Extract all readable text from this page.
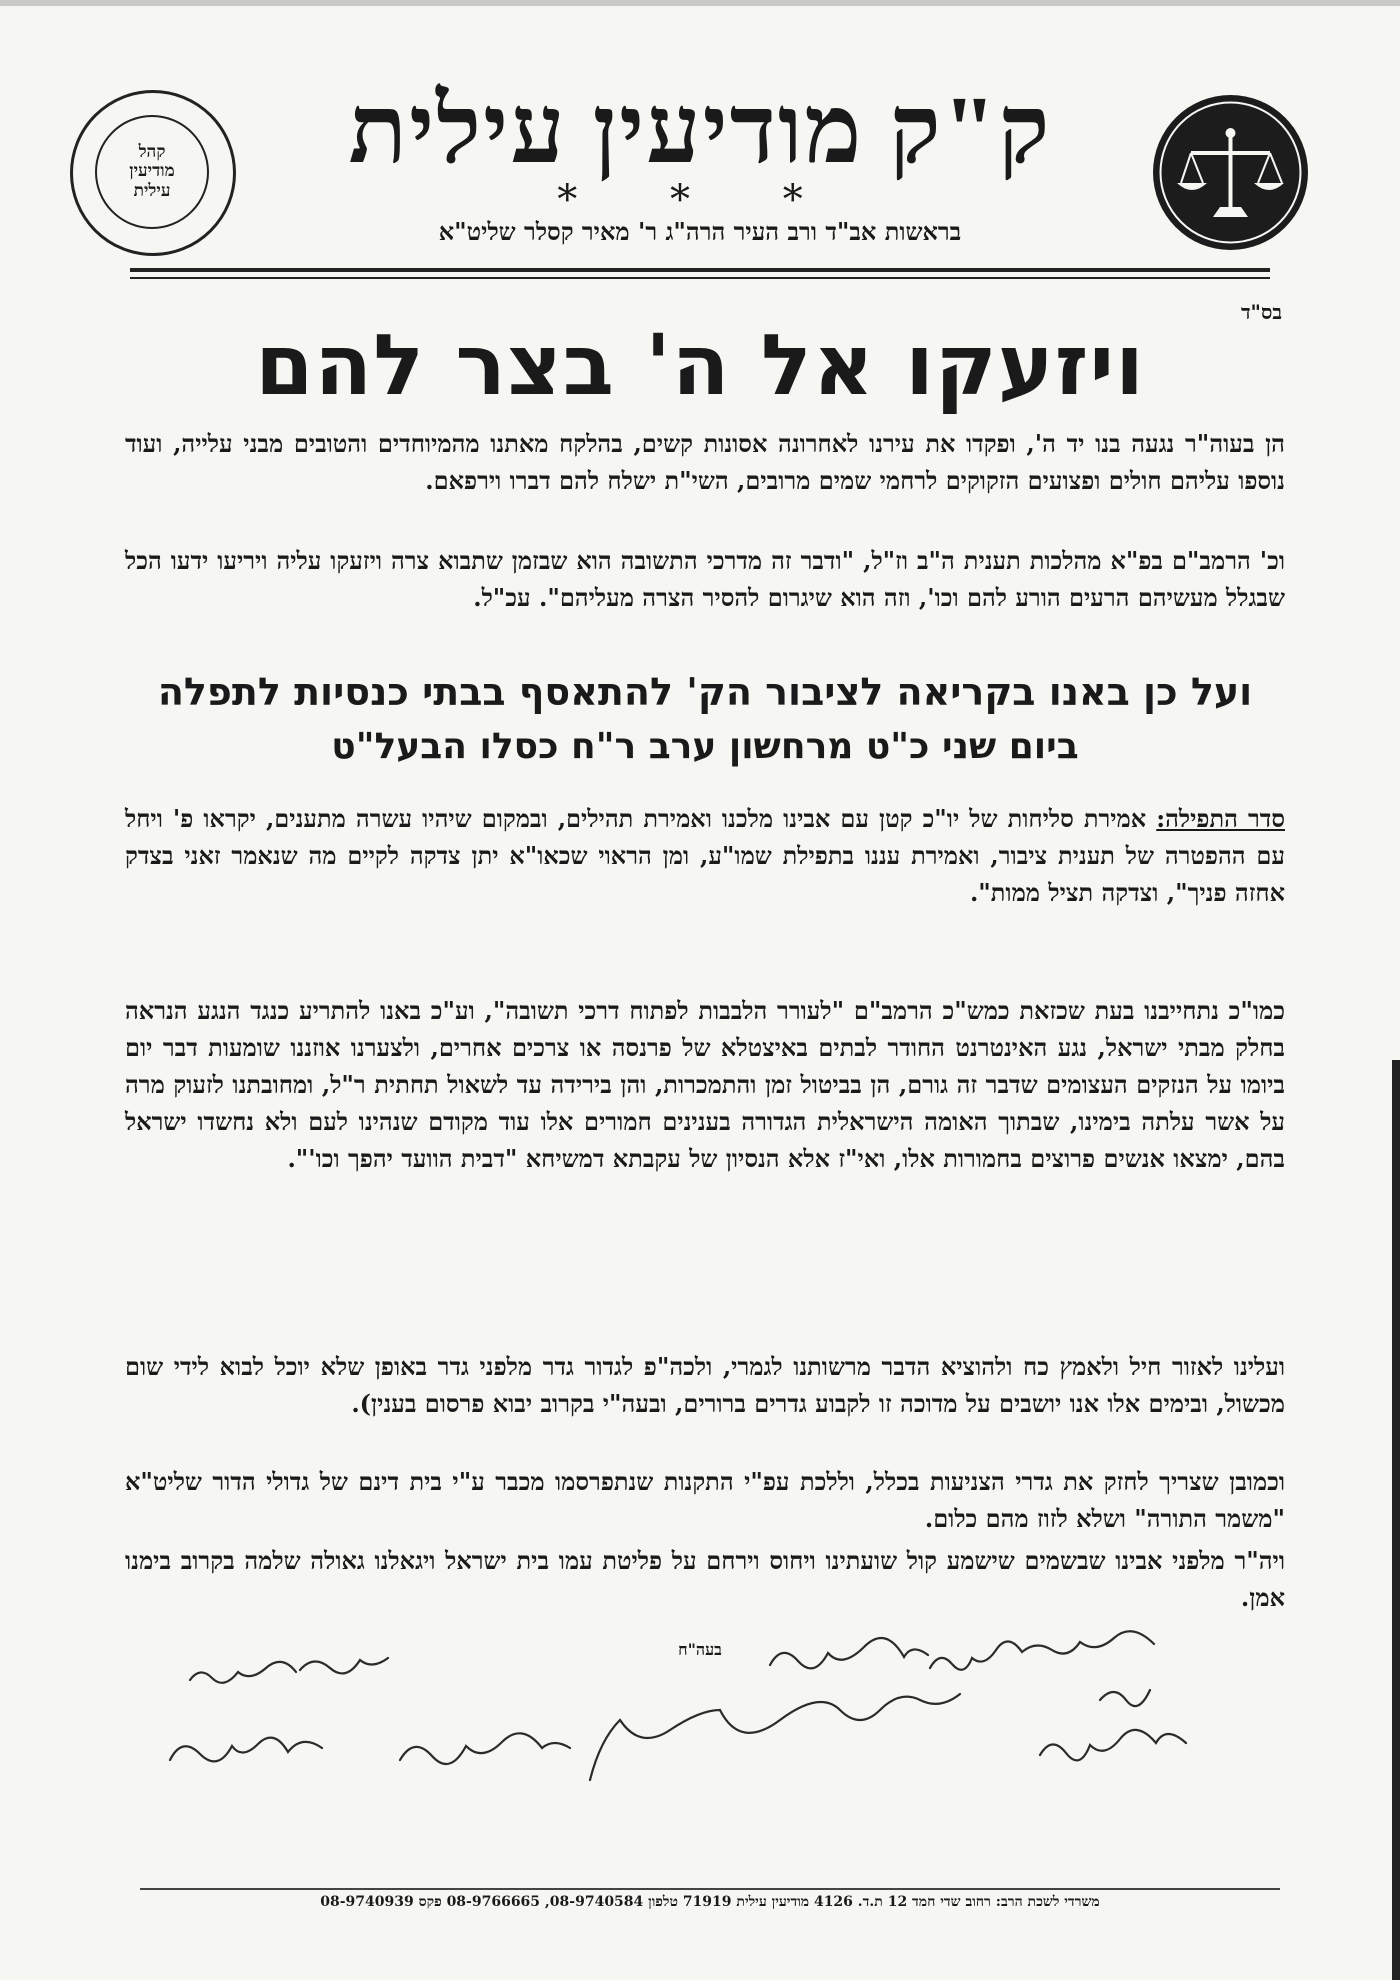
קהל
מודיעין
עילית
ק"ק מודיעין עילית
* * *
בראשות אב"ד ורב העיר הרה"ג ר' מאיר קסלר שליט"א
בס"ד
ויזעקו אל ה' בצר להם

הן בעוה"ר נגעה בנו יד ה', ופקדו את עירנו לאחרונה אסונות קשים, בהלקח מאתנו מהמיוחדים והטובים מבני עלייה, ועוד נוספו עליהם חולים ופצועים הזקוקים לרחמי שמים מרובים, השי"ת ישלח להם דברו וירפאם.

וכ' הרמב"ם בפ"א מהלכות תענית ה"ב וז"ל, "ודבר זה מדרכי התשובה הוא שבזמן שתבוא צרה ויזעקו עליה ויריעו ידעו הכל שבגלל מעשיהם הרעים הורע להם וכו', וזה הוא שיגרום להסיר הצרה מעליהם". עכ"ל.

ועל כן באנו בקריאה לציבור הק' להתאסף בבתי כנסיות לתפלה

ביום שני כ"ט מרחשון ערב ר"ח כסלו הבעל"ט

סדר התפילה: אמירת סליחות של יו"כ קטן עם אבינו מלכנו ואמירת תהילים, ובמקום שיהיו עשרה מתענים, יקראו פ' ויחל עם ההפטרה של תענית ציבור, ואמירת עננו בתפילת שמו"ע, ומן הראוי שכאו"א יתן צדקה לקיים מה שנאמר זאני בצדק אחזה פניך", וצדקה תציל ממות".

כמו"כ נתחייבנו בעת שכזאת כמש"כ הרמב"ם "לעורר הלבבות לפתוח דרכי תשובה", וע"כ באנו להתריע כנגד הנגע הנראה בחלק מבתי ישראל, נגע האינטרנט החודר לבתים באיצטלא של פרנסה או צרכים אחרים, ולצערנו אוזננו שומעות דבר יום ביומו על הנזקים העצומים שדבר זה גורם, הן בביטול זמן והתמכרות, והן בירידה עד לשאול תחתית ר"ל, ומחובתנו לזעוק מרה על אשר עלתה בימינו, שבתוך האומה הישראלית הגדורה בענינים חמורים אלו עוד מקודם שנהינו לעם ולא נחשדו ישראל בהם, ימצאו אנשים פרוצים בחמורות אלו, ואי"ז אלא הנסיון של עקבתא דמשיחא "דבית הוועד יהפך וכו'".

ועלינו לאזור חיל ולאמץ כח ולהוציא הדבר מרשותנו לגמרי, ולכה"פ לגדור גדר מלפני גדר באופן שלא יוכל לבוא לידי שום מכשול, ובימים אלו אנו יושבים על מדוכה זו לקבוע גדרים ברורים, ובעה"י בקרוב יבוא פרסום בענין).

וכמובן שצריך לחזק את גדרי הצניעות בכלל, וללכת עפ"י התקנות שנתפרסמו מכבר ע"י בית דינם של גדולי הדור שליט"א "משמר התורה" ושלא לזוז מהם כלום.

ויה"ר מלפני אבינו שבשמים שישמע קול שועתינו ויחוס וירחם על פליטת עמו בית ישראל ויגאלנו גאולה שלמה בקרוב בימנו אמן.

בעה"ח
משרדי לשכת הרב: רחוב שדי חמד 12 ת.ד. 4126 מודיעין עילית 71919 טלפון 08-9740584, 08-9766665 פקס 08-9740939
